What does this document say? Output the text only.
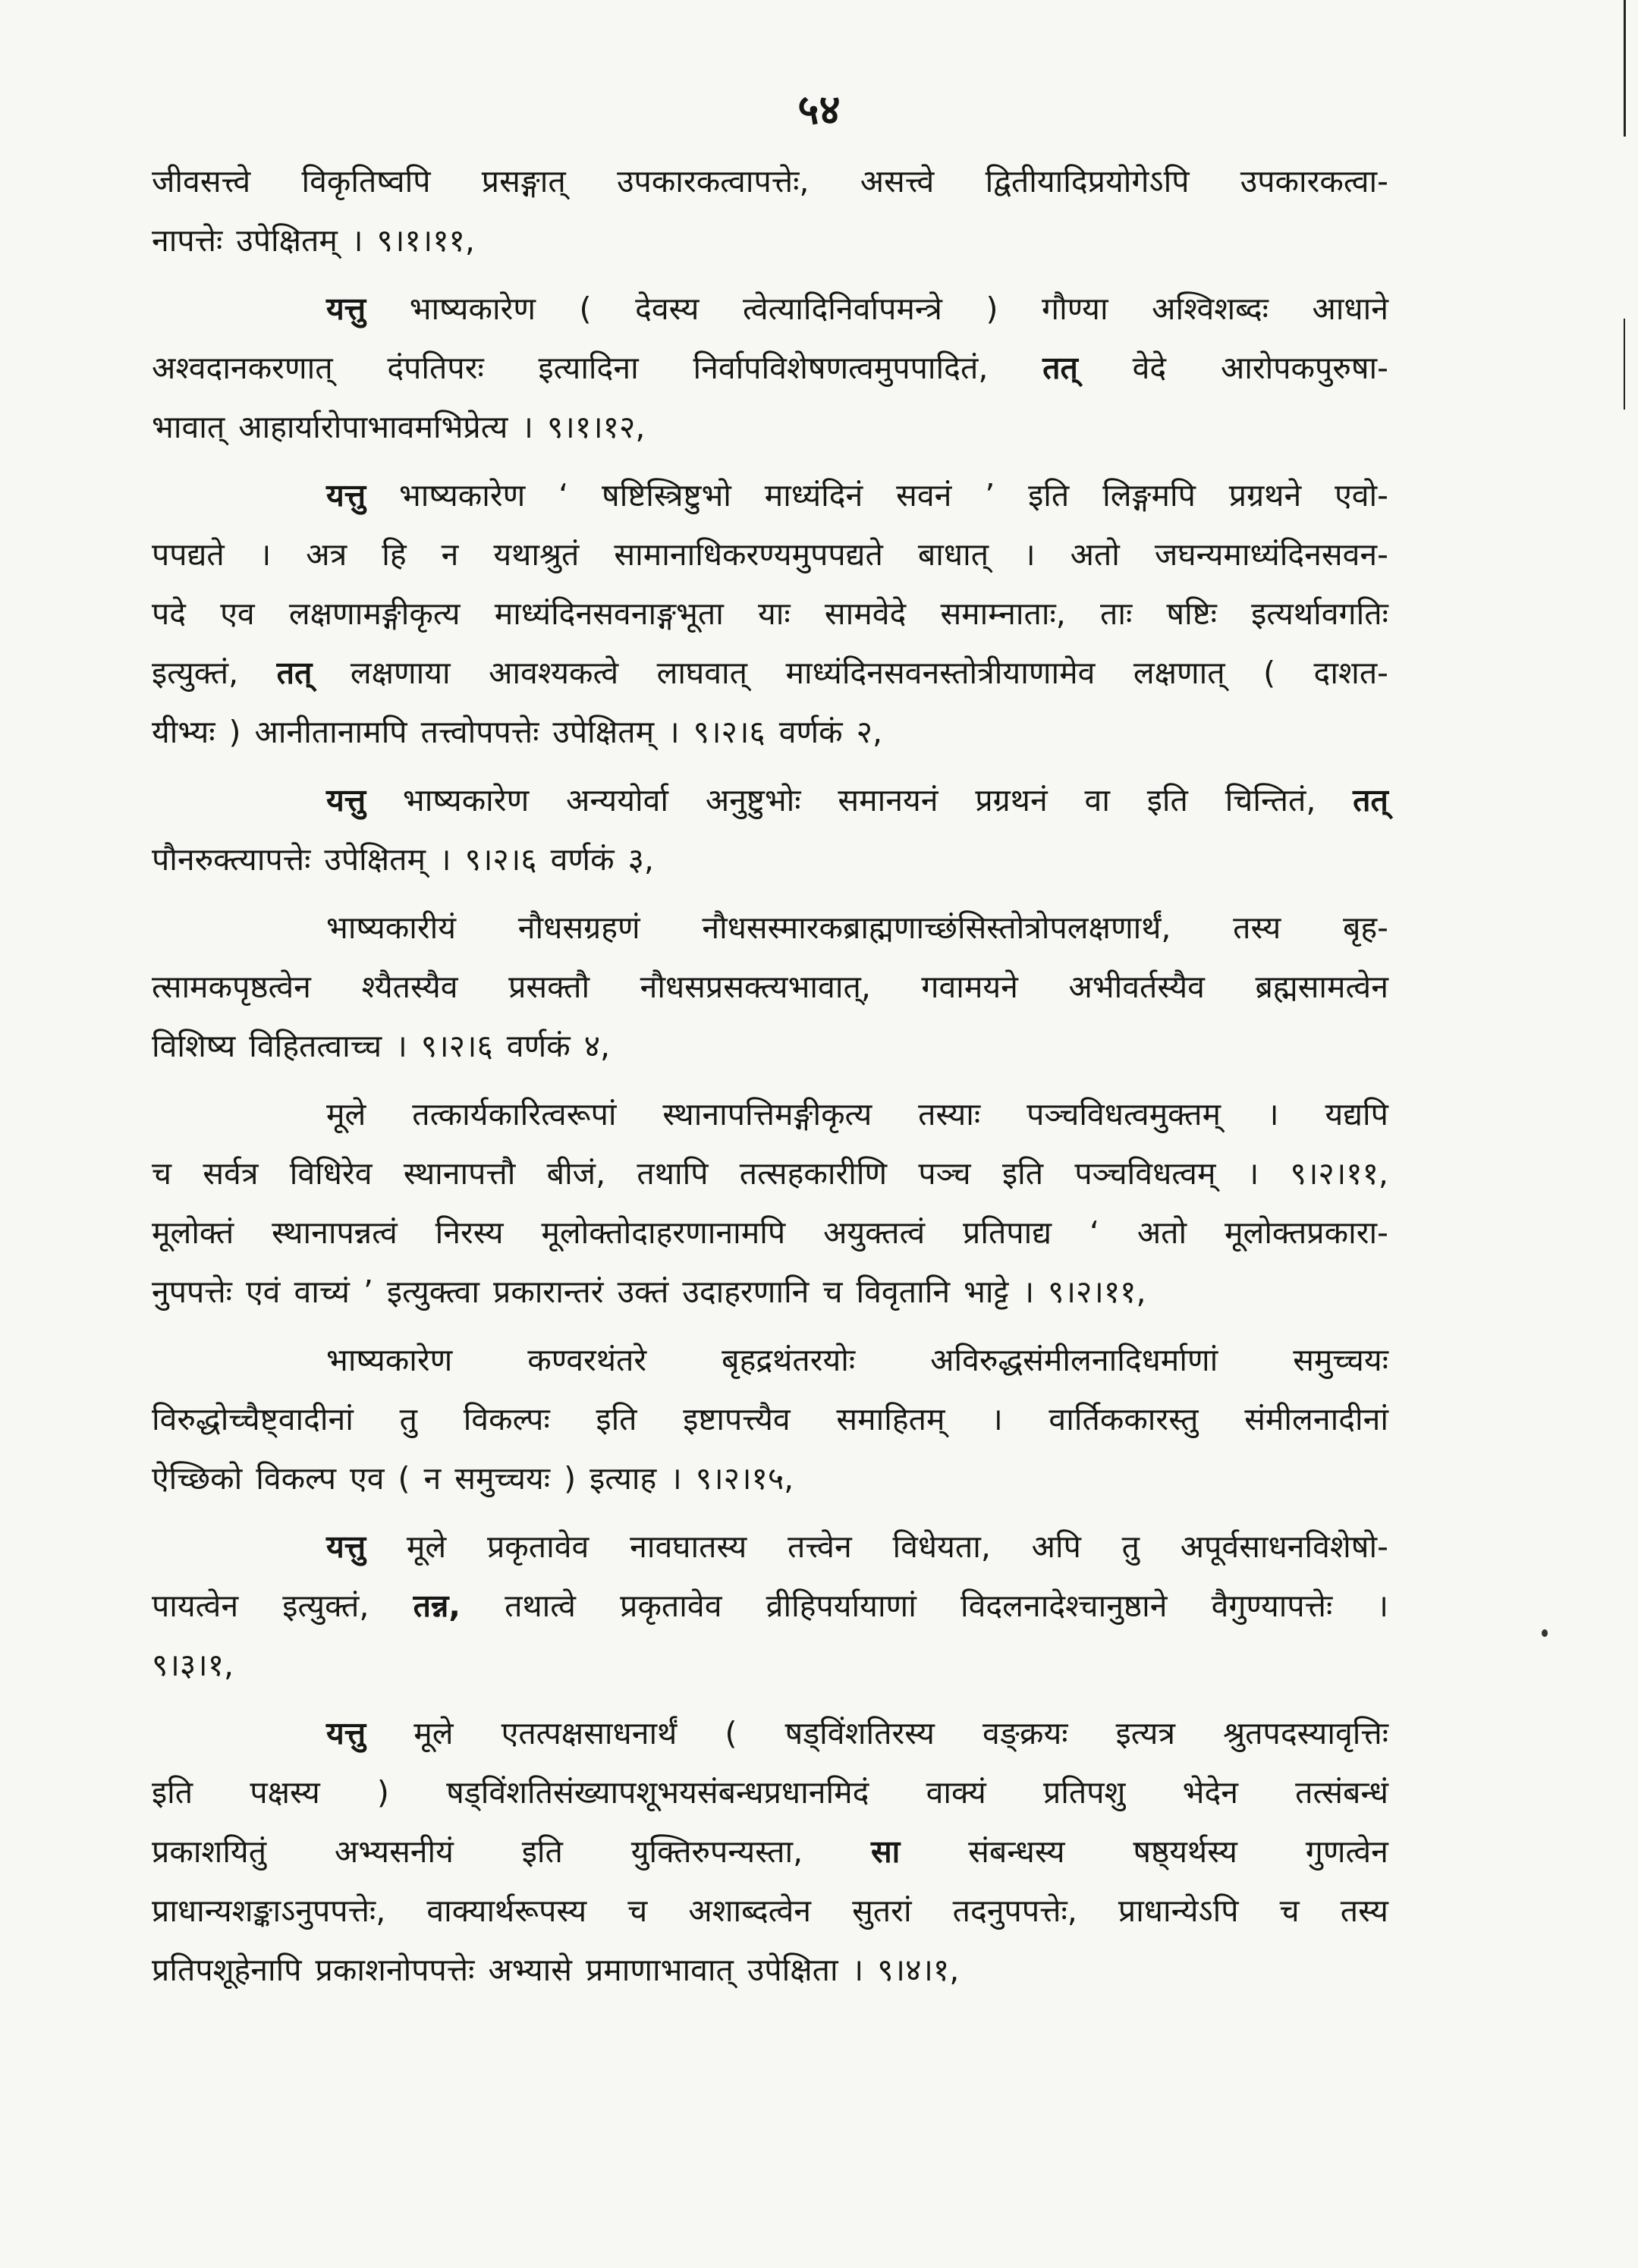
५४
जीवसत्त्वे विकृतिष्वपि प्रसङ्गात् उपकारकत्वापत्तेः, असत्त्वे द्वितीयादिप्रयोगेऽपि उपकारकत्वा-
नापत्तेः उपेक्षितम् । ९।१।११,
यत्तु भाष्यकारेण ( देवस्य त्वेत्यादिनिर्वापमन्त्रे ) गौण्या अश्विशब्दः आधाने
अश्वदानकरणात् दंपतिपरः इत्यादिना निर्वापविशेषणत्वमुपपादितं, तत् वेदे आरोपकपुरुषा-
भावात् आहार्यारोपाभावमभिप्रेत्य । ९।१।१२,
यत्तु भाष्यकारेण ‘ षष्टिस्त्रिष्टुभो माध्यंदिनं सवनं ’ इति लिङ्गमपि प्रग्रथने एवो-
पपद्यते । अत्र हि न यथाश्रुतं सामानाधिकरण्यमुपपद्यते बाधात् । अतो जघन्यमाध्यंदिनसवन-
पदे एव लक्षणामङ्गीकृत्य माध्यंदिनसवनाङ्गभूता याः सामवेदे समाम्नाताः, ताः षष्टिः इत्यर्थावगतिः
इत्युक्तं, तत् लक्षणाया आवश्यकत्वे लाघवात् माध्यंदिनसवनस्तोत्रीयाणामेव लक्षणात् ( दाशत-
यीभ्यः ) आनीतानामपि तत्त्वोपपत्तेः उपेक्षितम् । ९।२।६ वर्णकं २,
यत्तु भाष्यकारेण अन्ययोर्वा अनुष्टुभोः समानयनं प्रग्रथनं वा इति चिन्तितं, तत्
पौनरुक्त्यापत्तेः उपेक्षितम् । ९।२।६ वर्णकं ३,
भाष्यकारीयं नौधसग्रहणं नौधसस्मारकब्राह्मणाच्छंसिस्तोत्रोपलक्षणार्थं, तस्य बृह-
त्सामकपृष्ठत्वेन श्यैतस्यैव प्रसक्तौ नौधसप्रसक्त्यभावात्, गवामयने अभीवर्तस्यैव ब्रह्मसामत्वेन
विशिष्य विहितत्वाच्च । ९।२।६ वर्णकं ४,
मूले तत्कार्यकारित्वरूपां स्थानापत्तिमङ्गीकृत्य तस्याः पञ्चविधत्वमुक्तम् । यद्यपि
च सर्वत्र विधिरेव स्थानापत्तौ बीजं, तथापि तत्सहकारीणि पञ्च इति पञ्चविधत्वम् । ९।२।११,
मूलोक्तं स्थानापन्नत्वं निरस्य मूलोक्तोदाहरणानामपि अयुक्तत्वं प्रतिपाद्य ‘ अतो मूलोक्तप्रकारा-
नुपपत्तेः एवं वाच्यं ’ इत्युक्त्वा प्रकारान्तरं उक्तं उदाहरणानि च विवृतानि भाट्टे । ९।२।११,
भाष्यकारेण कण्वरथंतरे बृहद्रथंतरयोः अविरुद्धसंमीलनादिधर्माणां समुच्चयः
विरुद्धोच्चैष्ट्वादीनां तु विकल्पः इति इष्टापत्त्यैव समाहितम् । वार्तिककारस्तु संमीलनादीनां
ऐच्छिको विकल्प एव ( न समुच्चयः ) इत्याह । ९।२।१५,
यत्तु मूले प्रकृतावेव नावघातस्य तत्त्वेन विधेयता, अपि तु अपूर्वसाधनविशेषो-
पायत्वेन इत्युक्तं, तन्न, तथात्वे प्रकृतावेव व्रीहिपर्यायाणां विदलनादेश्चानुष्ठाने वैगुण्यापत्तेः ।
९।३।१,
यत्तु मूले एतत्पक्षसाधनार्थं ( षड्विंशतिरस्य वङ्क्रयः इत्यत्र श्रुतपदस्यावृत्तिः
इति पक्षस्य ) षड्विंशतिसंख्यापशूभयसंबन्धप्रधानमिदं वाक्यं प्रतिपशु भेदेन तत्संबन्धं
प्रकाशयितुं अभ्यसनीयं इति युक्तिरुपन्यस्ता, सा संबन्धस्य षष्ठ्यर्थस्य गुणत्वेन
प्राधान्यशङ्काऽनुपपत्तेः, वाक्यार्थरूपस्य च अशाब्दत्वेन सुतरां तदनुपपत्तेः, प्राधान्येऽपि च तस्य
प्रतिपशूहेनापि प्रकाशनोपपत्तेः अभ्यासे प्रमाणाभावात् उपेक्षिता । ९।४।१,
